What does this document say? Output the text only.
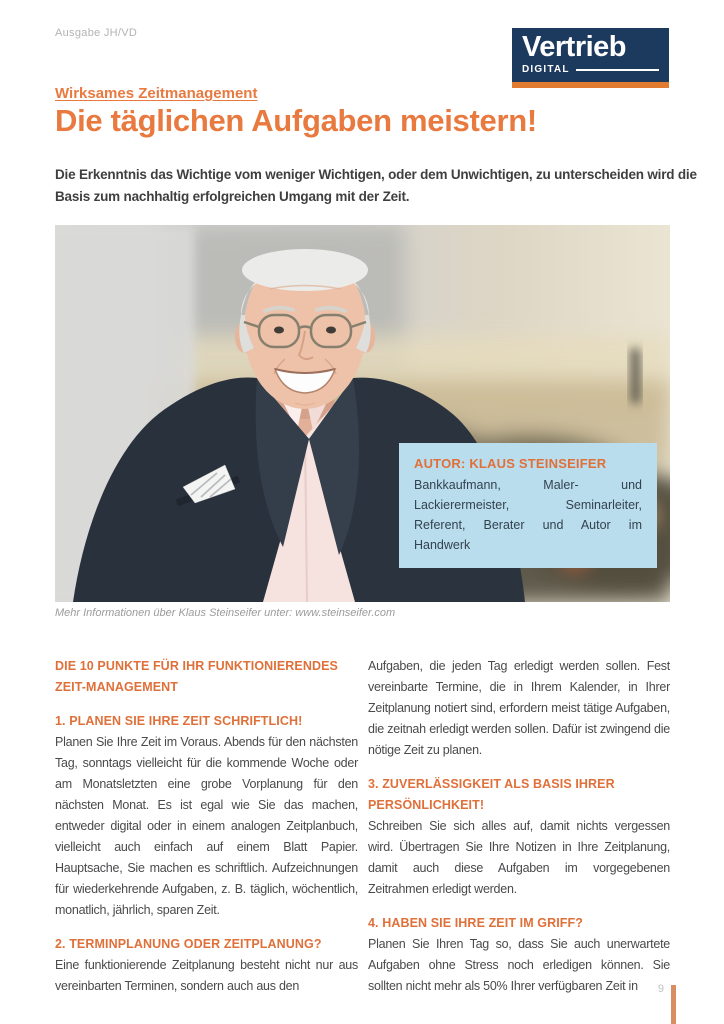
Ausgabe JH/VD	Vertrieb
DIGITAL
Wirksames Zeitmanagement
Die täglichen Aufgaben meistern!

Die Erkenntnis das Wichtige vom weniger Wichtigen, oder dem Unwichtigen, zu unterscheiden wird die Basis zum nachhaltig erfolgreichen Umgang mit der Zeit.

AUTOR: KLAUS STEINSEIFER
Bankkaufmann, Maler- und Lackierermeister, Seminarleiter, Referent, Berater und Autor im Handwerk
Mehr Informationen über Klaus Steinseifer unter: www.steinseifer.com
DIE 10 PUNKTE FÜR IHR FUNKTIONIERENDES ZEIT-MANAGEMENT
1. PLANEN SIE IHRE ZEIT SCHRIFTLICH!

Planen Sie Ihre Zeit im Voraus. Abends für den nächsten Tag, sonntags vielleicht für die kommende Woche oder am Monatsletzten eine grobe Vorplanung für den nächsten Monat. Es ist egal wie Sie das machen, entweder digital oder in einem analogen Zeitplanbuch, vielleicht auch einfach auf einem Blatt Papier. Hauptsache, Sie machen es schriftlich. Aufzeichnungen für wiederkehrende Aufgaben, z. B. täglich, wöchentlich, monatlich, jährlich, sparen Zeit.

2. TERMINPLANUNG ODER ZEITPLANUNG?

Eine funktionierende Zeitplanung besteht nicht nur aus vereinbarten Terminen, sondern auch aus den

Aufgaben, die jeden Tag erledigt werden sollen. Fest vereinbarte Termine, die in Ihrem Kalender, in Ihrer Zeitplanung notiert sind, erfordern meist tätige Aufgaben, die zeitnah erledigt werden sollen. Dafür ist zwingend die nötige Zeit zu planen.

3. ZUVERLÄSSIGKEIT ALS BASIS IHRER PERSÖNLICHKEIT!

Schreiben Sie sich alles auf, damit nichts vergessen wird. Übertragen Sie Ihre Notizen in Ihre Zeitplanung, damit auch diese Aufgaben im vorgegebenen Zeitrahmen erledigt werden.

4. HABEN SIE IHRE ZEIT IM GRIFF?

Planen Sie Ihren Tag so, dass Sie auch unerwartete Aufgaben ohne Stress noch erledigen können. Sie sollten nicht mehr als 50% Ihrer verfügbaren Zeit in	9
